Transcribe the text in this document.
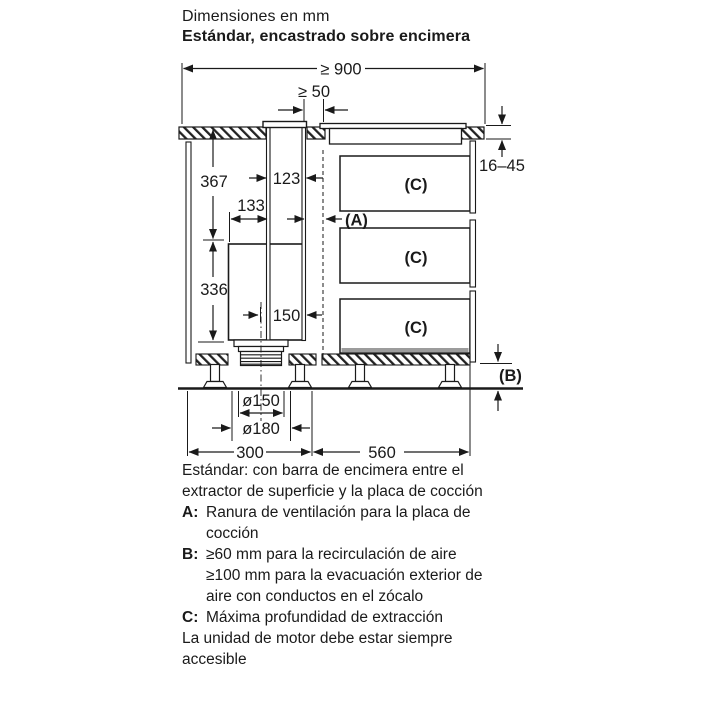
Dimensiones en mm
Estándar, encastrado sobre encimera
≥ 900
≥ 50
367	123
133
336
150
16–45
ø150
ø180
300	560
(A)
(B)
(C)
(C)
(C)
Estándar: con barra de encimera entre el
extractor de superficie y la placa de cocción
A: Ranura de ventilación para la placa de
cocción
B: ≥60 mm para la recirculación de aire
≥100 mm para la evacuación exterior de
aire con conductos en el zócalo
C: Máxima profundidad de extracción
La unidad de motor debe estar siempre
accesible
